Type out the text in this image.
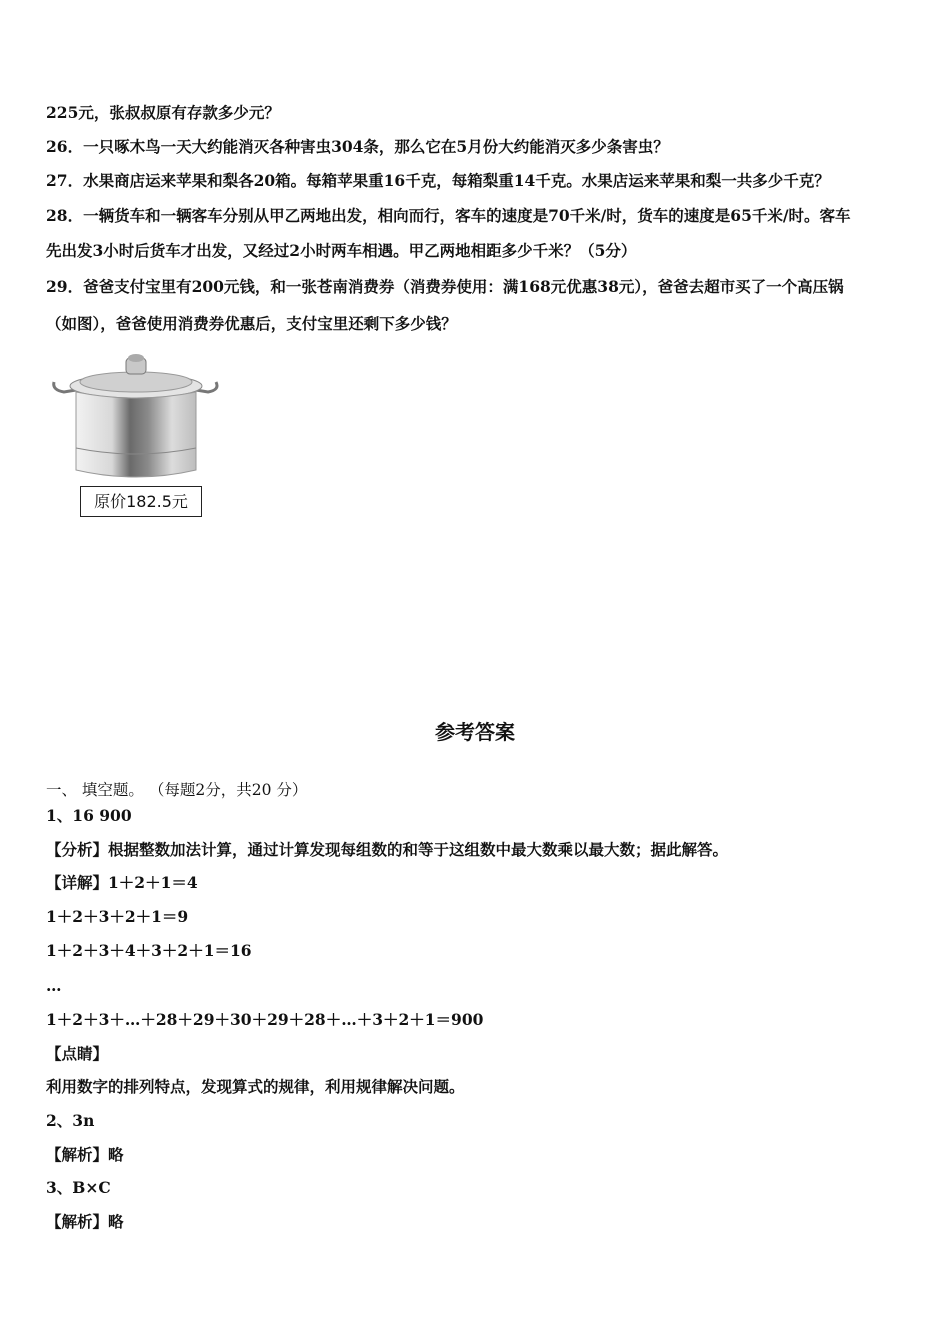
225元，张叔叔原有存款多少元？
26．一只啄木鸟一天大约能消灭各种害虫304条，那么它在5月份大约能消灭多少条害虫？
27．水果商店运来苹果和梨各20箱。每箱苹果重16千克，每箱梨重14千克。水果店运来苹果和梨一共多少千克？
28．一辆货车和一辆客车分别从甲乙两地出发，相向而行，客车的速度是70千米/时，货车的速度是65千米/时。客车
先出发3小时后货车才出发，又经过2小时两车相遇。甲乙两地相距多少千米？（5分）
29．爸爸支付宝里有200元钱，和一张苍南消费券（消费券使用：满168元优惠38元），爸爸去超市买了一个高压锅
（如图），爸爸使用消费券优惠后，支付宝里还剩下多少钱？
原价182.5元
参考答案
一、 填空题。 （每题2分，共20 分）
1、16 900
【分析】根据整数加法计算，通过计算发现每组数的和等于这组数中最大数乘以最大数；据此解答。
【详解】1＋2＋1＝4
1＋2＋3＋2＋1＝9
1＋2＋3＋4＋3＋2＋1＝16
…
1＋2＋3＋…＋28＋29＋30＋29＋28＋…＋3＋2＋1＝900
【点睛】
利用数字的排列特点，发现算式的规律，利用规律解决问题。
2、3n
【解析】略
3、B×C
【解析】略
